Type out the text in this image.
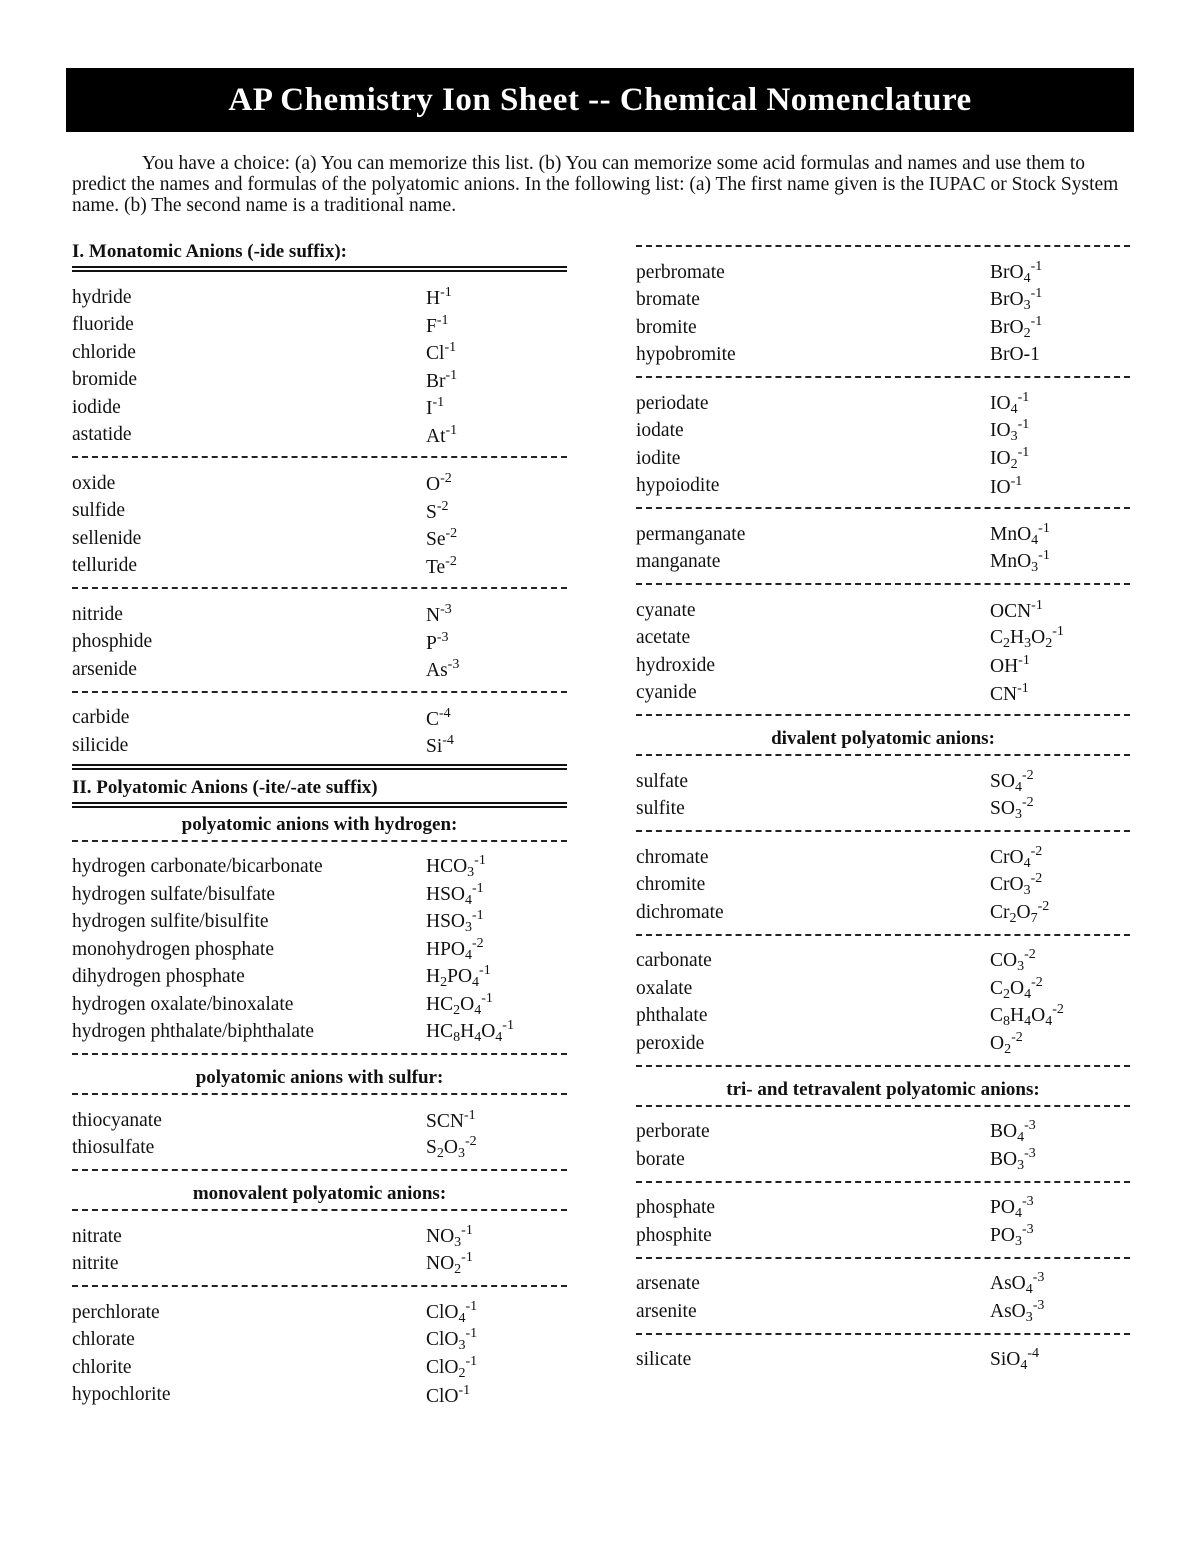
AP Chemistry Ion Sheet -- Chemical Nomenclature

You have a choice: (a) You can memorize this list. (b) You can memorize some acid formulas and names and use them to predict the names and formulas of the polyatomic anions. In the following list: (a) The first name given is the IUPAC or Stock System name. (b) The second name is a traditional name.

I. Monatomic Anions (-ide suffix):
hydride	$H^{-1}$
fluoride	$F^{-1}$
chloride	$Cl^{-1}$
bromide	$Br^{-1}$
iodide	$I^{-1}$
astatide	$At^{-1}$
oxide	$O^{-2}$
sulfide	$S^{-2}$
sellenide	$Se^{-2}$
telluride	$Te^{-2}$
nitride	$N^{-3}$
phosphide	$P^{-3}$
arsenide	$As^{-3}$
carbide	$C^{-4}$
silicide	$Si^{-4}$
II. Polyatomic Anions (-ite/-ate suffix)
polyatomic anions with hydrogen:
hydrogen carbonate/bicarbonate	$HCO_3^{-1}$
hydrogen sulfate/bisulfate	$HSO_4^{-1}$
hydrogen sulfite/bisulfite	$HSO_3^{-1}$
monohydrogen phosphate	$HPO_4^{-2}$
dihydrogen phosphate	$H_2PO_4^{-1}$
hydrogen oxalate/binoxalate	$HC_2O_4^{-1}$
hydrogen phthalate/biphthalate	$HC_8H_4O_4^{-1}$
polyatomic anions with sulfur:
thiocyanate	$SCN^{-1}$
thiosulfate	$S_2O_3^{-2}$
monovalent polyatomic anions:
nitrate	$NO_3^{-1}$
nitrite	$NO_2^{-1}$
perchlorate	ClO$_4^{-1}$
chlorate	ClO$_3^{-1}$
chlorite	ClO$_2^{-1}$
hypochlorite	ClO$^{-1}$
perbromate	BrO$_4^{-1}$
bromate	BrO$_3^{-1}$
bromite	BrO$_2^{-1}$
hypobromite	BrO-1
periodate	$IO_4^{-1}$
iodate	$IO_3^{-1}$
iodite	$IO_2^{-1}$
hypoiodite	$IO^{-1}$
permanganate	MnO$_4^{-1}$
manganate	MnO$_3^{-1}$
cyanate	$OCN^{-1}$
acetate	$C_2H_3O_2^{-1}$
hydroxide	$OH^{-1}$
cyanide	$CN^{-1}$
divalent polyatomic anions:
sulfate	$SO_4^{-2}$
sulfite	$SO_3^{-2}$
chromate	CrO$_4^{-2}$
chromite	CrO$_3^{-2}$
dichromate	$Cr_2O_7^{-2}$
carbonate	$CO_3^{-2}$
oxalate	$C_2O_4^{-2}$
phthalate	$C_8H_4O_4^{-2}$
peroxide	$O_2^{-2}$
tri- and tetravalent polyatomic anions:
perborate	$BO_4^{-3}$
borate	$BO_3^{-3}$
phosphate	$PO_4^{-3}$
phosphite	$PO_3^{-3}$
arsenate	AsO$_4^{-3}$
arsenite	AsO$_3^{-3}$
silicate	SiO$_4^{-4}$
